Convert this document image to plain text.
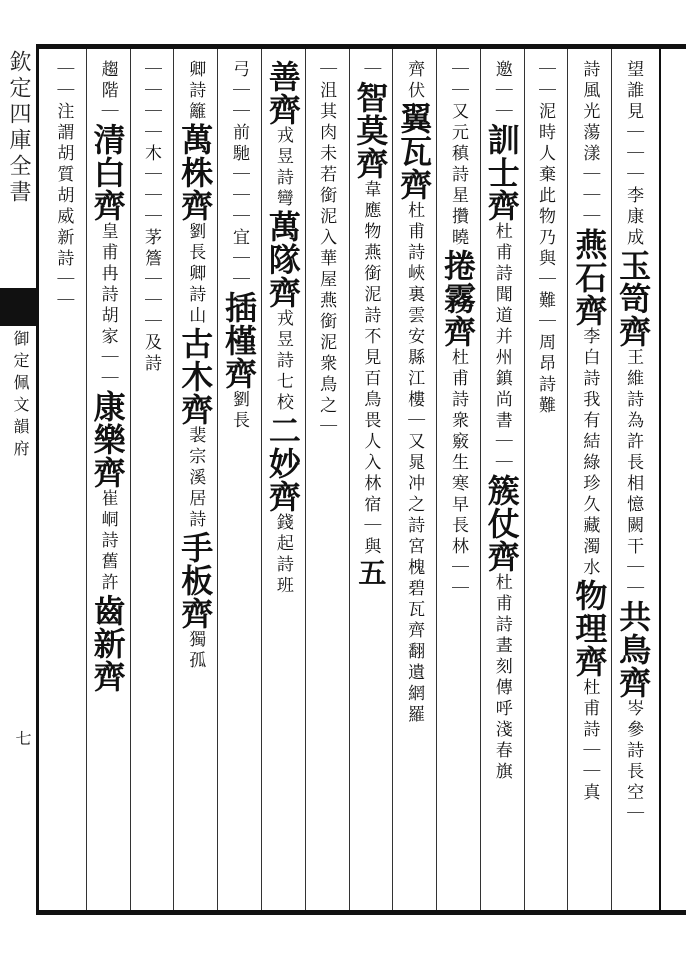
欽定四庫全書
御定佩文韻府
七
望誰見｜｜｜李康成玉笥齊王維詩為許長相憶闕干｜｜共鳥齊岑參詩長空｜
詩風光蕩漾｜｜｜燕石齊李白詩我有結綠珍久藏濁水物理齊杜甫詩｜｜真
｜｜泥時人棄此物乃與｜難｜周昂詩難
邀｜｜訓士齊杜甫詩聞道并州鎮尚書｜｜簇仗齊杜甫詩晝刻傳呼淺春旗
｜｜又元稹詩星攢曉捲霧齊杜甫詩衆竅生寒早長林｜｜
齊伏翼瓦齊杜甫詩峽裏雲安縣江樓｜又晁冲之詩宮槐碧瓦齊翻遺網羅
｜智莫齊韋應物燕銜泥詩不見百鳥畏人入林宿｜與五
｜沮其肉未若銜泥入華屋燕銜泥衆鳥之｜
善齊戎昱詩彎萬隊齊戎昱詩七校二妙齊錢起詩班
弓｜｜前馳｜｜｜宜｜｜插槿齊劉長
卿詩籬萬株齊劉長卿詩山古木齊裴宗溪居詩手板齊獨孤
｜｜｜｜木｜｜｜茅簷｜｜｜及詩
趨階｜清白齊皇甫冉詩胡家｜｜康樂齊崔峒詩舊許齒新齊
｜｜注謂胡質胡威新詩｜｜
